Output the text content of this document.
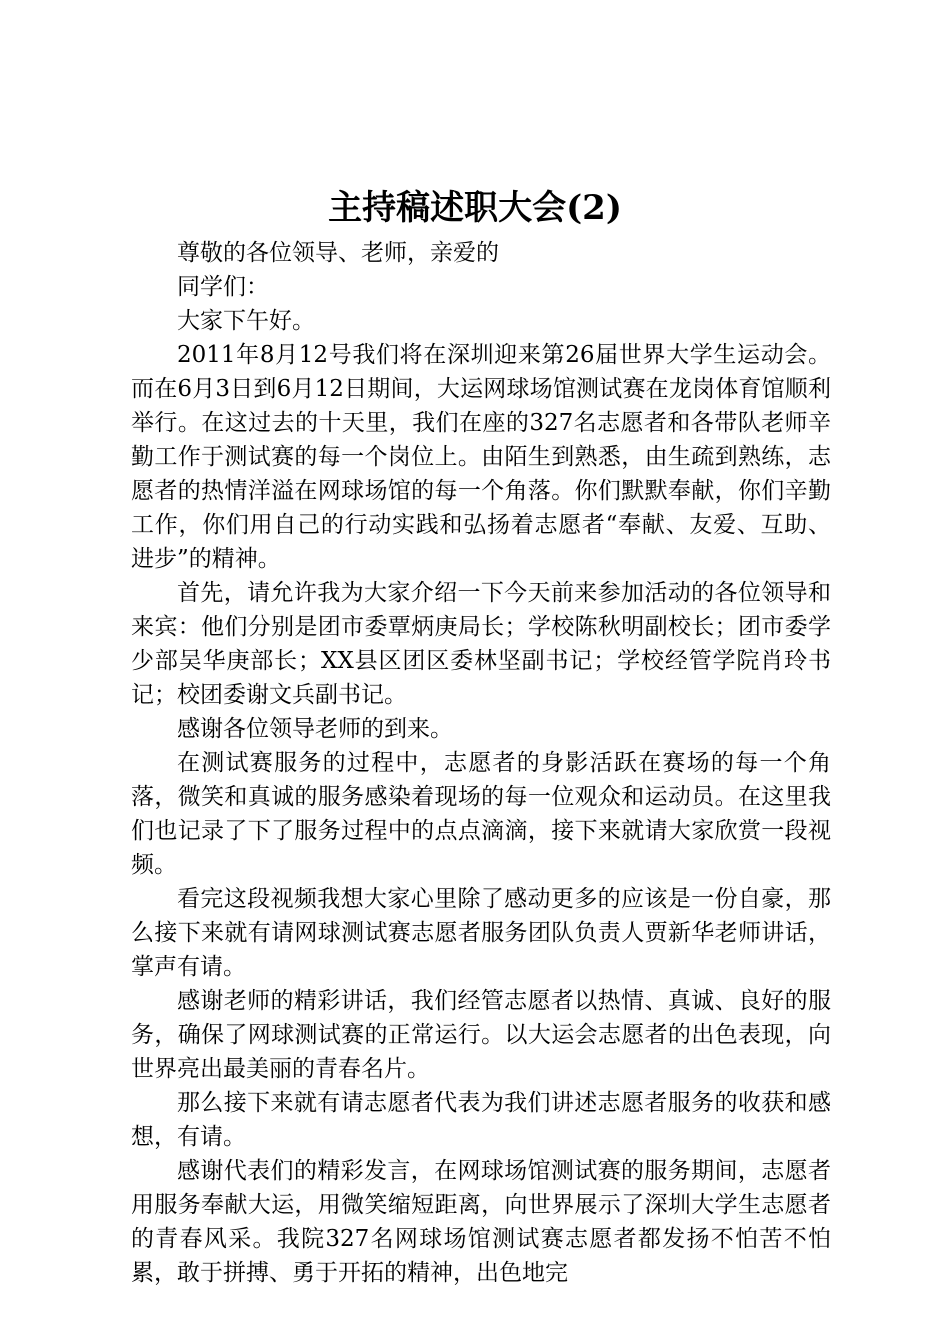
主持稿述职大会(2)

尊敬的各位领导、老师，亲爱的

同学们：

大家下午好。

2011年8月12号我们将在深圳迎来第26届世界大学生运动会。而在6月3日到6月12日期间，大运网球场馆测试赛在龙岗体育馆顺利举行。在这过去的十天里，我们在座的327名志愿者和各带队老师辛勤工作于测试赛的每一个岗位上。由陌生到熟悉，由生疏到熟练，志愿者的热情洋溢在网球场馆的每一个角落。你们默默奉献，你们辛勤工作，你们用自己的行动实践和弘扬着志愿者“奉献、友爱、互助、进步”的精神。

首先，请允许我为大家介绍一下今天前来参加活动的各位领导和来宾：他们分别是团市委覃炳庚局长；学校陈秋明副校长；团市委学少部吴华庚部长；XX县区团区委林坚副书记；学校经管学院肖玲书记；校团委谢文兵副书记。

感谢各位领导老师的到来。

在测试赛服务的过程中，志愿者的身影活跃在赛场的每一个角落，微笑和真诚的服务感染着现场的每一位观众和运动员。在这里我们也记录了下了服务过程中的点点滴滴，接下来就请大家欣赏一段视频。

看完这段视频我想大家心里除了感动更多的应该是一份自豪，那么接下来就有请网球测试赛志愿者服务团队负责人贾新华老师讲话，掌声有请。

感谢老师的精彩讲话，我们经管志愿者以热情、真诚、良好的服务，确保了网球测试赛的正常运行。以大运会志愿者的出色表现，向世界亮出最美丽的青春名片。

那么接下来就有请志愿者代表为我们讲述志愿者服务的收获和感想，有请。

感谢代表们的精彩发言，在网球场馆测试赛的服务期间，志愿者用服务奉献大运，用微笑缩短距离，向世界展示了深圳大学生志愿者的青春风采。我院327名网球场馆测试赛志愿者都发扬不怕苦不怕累，敢于拼搏、勇于开拓的精神，出色地完
